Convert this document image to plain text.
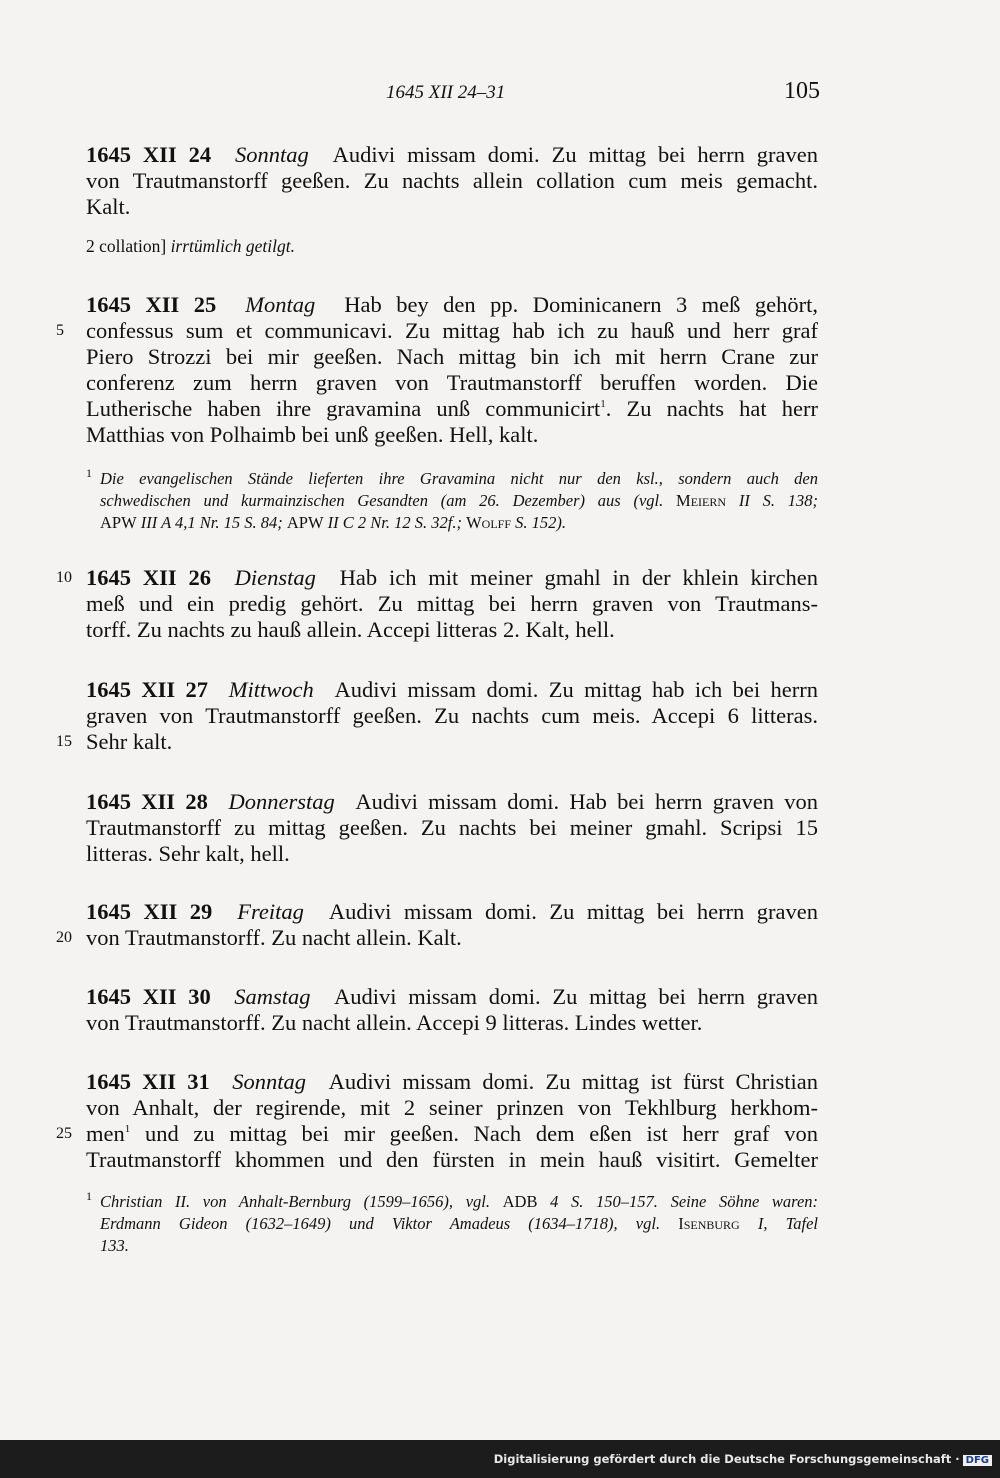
1645 XII 24–31	105
1645 XII 24 Sonntag Audivi missam domi. Zu mittag bei herrn graven
von Trautmanstorff geeßen. Zu nachts allein collation cum meis gemacht.
Kalt.
2 collation] irrtümlich getilgt.
1645 XII 25 Montag Hab bey den pp. Dominicanern 3 meß gehört,
confessus sum et communicavi. Zu mittag hab ich zu hauß und herr graf
Piero Strozzi bei mir geeßen. Nach mittag bin ich mit herrn Crane zur
conferenz zum herrn graven von Trautmanstorff beruffen worden. Die
Lutherische haben ihre gravamina unß communicirt$^1$. Zu nachts hat herr
Matthias von Polhaimb bei unß geeßen. Hell, kalt.
1 Die evangelischen Stände lieferten ihre Gravamina nicht nur den ksl., sondern auch den
schwedischen und kurmainzischen Gesandten (am 26. Dezember) aus (vgl. Meiern II S. 138;
APW III A 4,1 Nr. 15 S. 84; APW II C 2 Nr. 12 S. 32f.; Wolff S. 152).
1645 XII 26 Dienstag Hab ich mit meiner gmahl in der khlein kirchen
meß und ein predig gehört. Zu mittag bei herrn graven von Trautmans-
torff. Zu nachts zu hauß allein. Accepi litteras 2. Kalt, hell.
1645 XII 27 Mittwoch Audivi missam domi. Zu mittag hab ich bei herrn
graven von Trautmanstorff geeßen. Zu nachts cum meis. Accepi 6 litteras.
Sehr kalt.
1645 XII 28 Donnerstag Audivi missam domi. Hab bei herrn graven von
Trautmanstorff zu mittag geeßen. Zu nachts bei meiner gmahl. Scripsi 15
litteras. Sehr kalt, hell.
1645 XII 29 Freitag Audivi missam domi. Zu mittag bei herrn graven
von Trautmanstorff. Zu nacht allein. Kalt.
1645 XII 30 Samstag Audivi missam domi. Zu mittag bei herrn graven
von Trautmanstorff. Zu nacht allein. Accepi 9 litteras. Lindes wetter.
1645 XII 31 Sonntag Audivi missam domi. Zu mittag ist fürst Christian
von Anhalt, der regirende, mit 2 seiner prinzen von Tekhlburg herkhom-
men$^1$ und zu mittag bei mir geeßen. Nach dem eßen ist herr graf von
Trautmanstorff khommen und den fürsten in mein hauß visitirt. Gemelter
1 Christian II. von Anhalt-Bernburg (1599–1656), vgl. ADB 4 S. 150–157. Seine Söhne waren:
Erdmann Gideon (1632–1649) und Viktor Amadeus (1634–1718), vgl. Isenburg I, Tafel
133.
5
10
15
20
25
Digitalisierung gefördert durch die Deutsche Forschungsgemeinschaft · DFG
